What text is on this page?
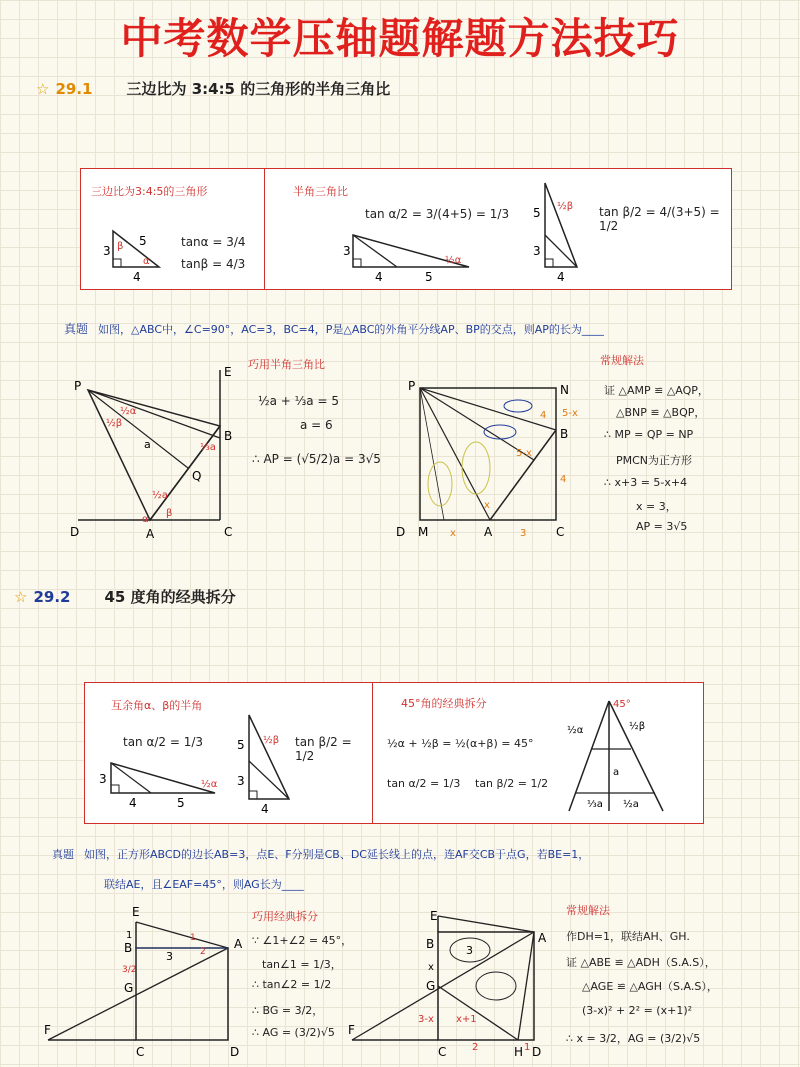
中考数学压轴题解题方法技巧
☆ 29.1 三边比为 3:4:5 的三角形的半角三角比
三边比为3:4:5的三角形
3
5
4
β
α
tanα = 3/4
tanβ = 4/3
半角三角比
tan α/2 = 3/(4+5) = 1/3
3
4	5
½α
5
3
4
½β tan β/2 = 4/(3+5) = 1/2
真题 如图，△ABC中，∠C=90°，AC=3，BC=4，P是△ABC的外角平分线AP、BP的交点，则AP的长为____
P
A
B
C
D
E
Q
a
½a
⅓a
½α
½β
β
α
巧用半角三角比
½a + ⅓a = 5
a = 6
∴ AP = (√5/2)a = 3√5
P
D M	A	C
B
N
x	3
4
5-x
5-x
x
4
常规解法
证 △AMP ≌ △AQP，
△BNP ≌ △BQP，
∴ MP = QP = NP
PMCN为正方形
∴ x+3 = 5-x+4
x = 3，
AP = 3√5
☆ 29.2 45 度角的经典拆分
互余角α、β的半角
tan α/2 = 1/3
3
4	5
½α
5
3
4
½β tan β/2 = 1/2
45°角的经典拆分
½α + ½β = ½(α+β) = 45°
tan α/2 = 1/3 tan β/2 = 1/2
45°
½α	½β
a
⅓a ½a
真题 如图，正方形ABCD的边长AB=3，点E、F分别是CB、DC延长线上的点，连AF交CB于点G，若BE=1，
联结AE，且∠EAF=45°，则AG长为____
E
B
G
A
C	D
F
1
3
3/2
1
2
巧用经典拆分
∵ ∠1+∠2 = 45°，
tan∠1 = 1/3，
∴ tan∠2 = 1/2
∴ BG = 3/2，
∴ AG = (3/2)√5
E
B
G
A
C	H D
F
3
x
3-x x+1
2	1
常规解法
作DH=1，联结AH、GH.
证 △ABE ≌ △ADH（S.A.S），
△AGE ≌ △AGH（S.A.S），
(3-x)² + 2² = (x+1)²
∴ x = 3/2，AG = (3/2)√5
